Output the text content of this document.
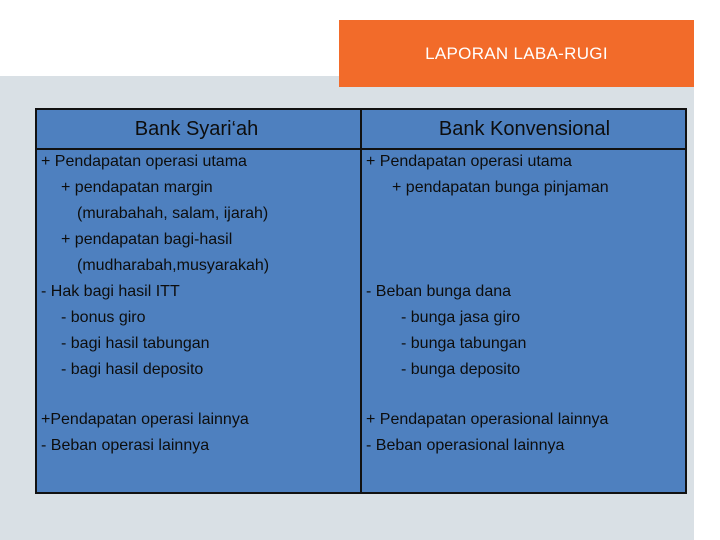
LAPORAN LABA-RUGI
Bank Syari‘ah	Bank Konvensional
+ Pendapatan operasi utama
+ pendapatan margin
(murabahah, salam, ijarah)
+ pendapatan bagi-hasil
(mudharabah,musyarakah)
- Hak bagi hasil ITT
- bonus giro
- bagi hasil tabungan
- bagi hasil deposito
+Pendapatan operasi lainnya
- Beban operasi lainnya
+ Pendapatan operasi utama
+ pendapatan bunga pinjaman
- Beban bunga dana
- bunga jasa giro
- bunga tabungan
- bunga deposito
+ Pendapatan operasional lainnya
- Beban operasional lainnya
